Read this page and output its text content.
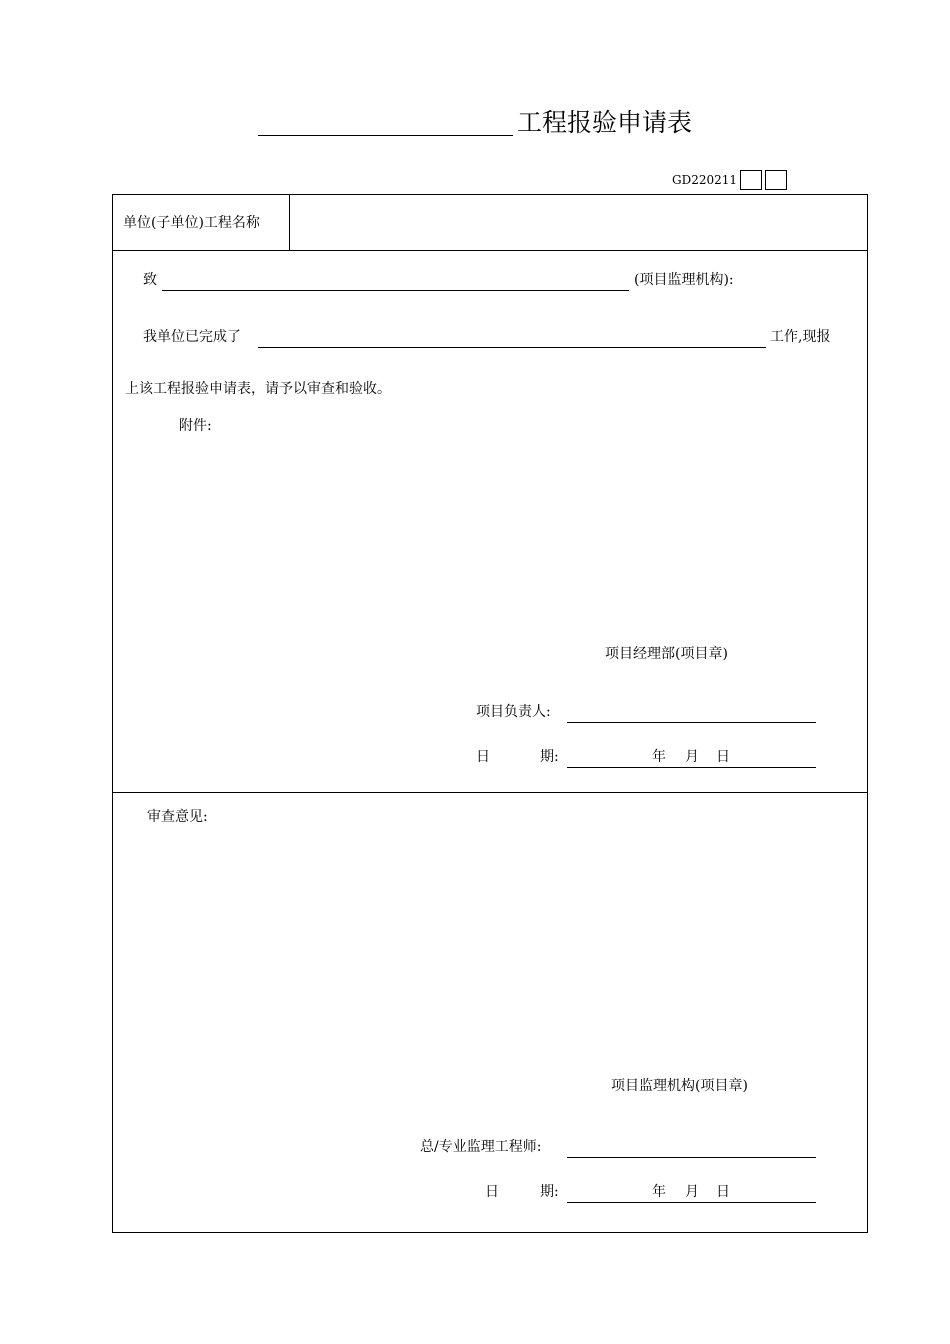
工程报验申请表
GD220211
单位(子单位)工程名称
致	(项目监理机构):
我单位已完成了	工作,现报
上该工程报验申请表，请予以审查和验收。
附件:
项目经理部(项目章)
项目负责人:
日	期:	年 月 日
审查意见:
项目监理机构(项目章)
总/专业监理工程师:
日	期:	年 月 日
